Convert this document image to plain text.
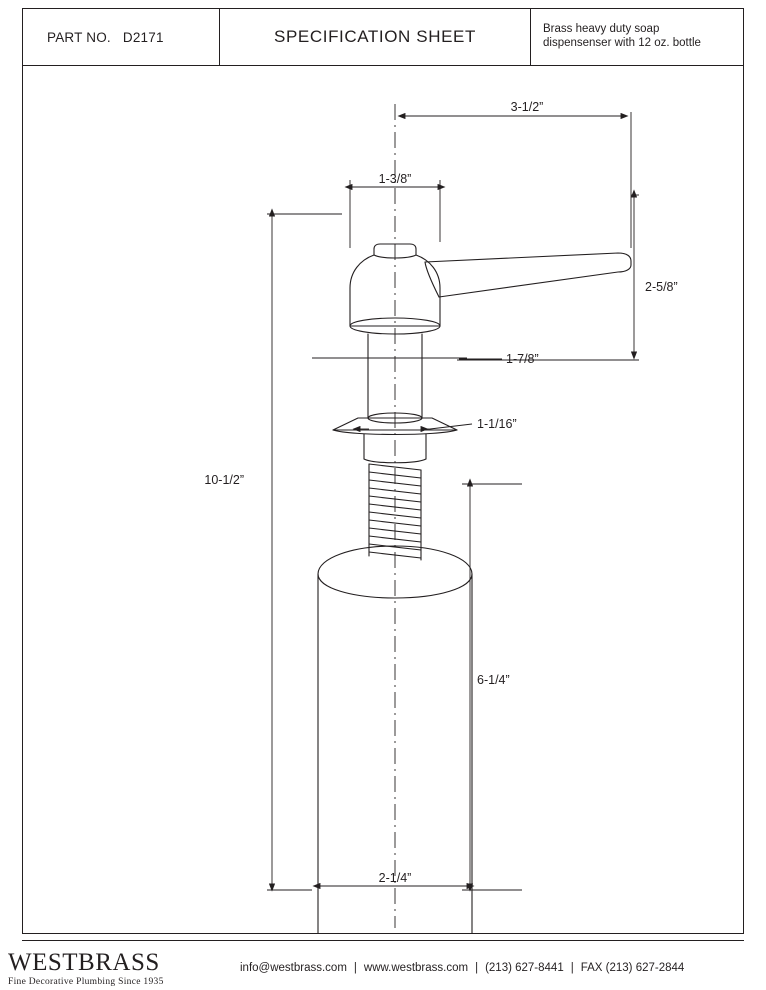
PART NO. D2171	SPECIFICATION SHEET	Brass heavy duty soap
dispensenser with 12 oz. bottle
3-1/2”
1-3/8”
2-5/8”
1-7/8”
1-1/16”
10-1/2”
6-1/4”
2-1/4”
WESTBRASS
Fine Decorative Plumbing Since 1935
info@westbrass.com | www.westbrass.com | (213) 627-8441 | FAX (213) 627-2844
